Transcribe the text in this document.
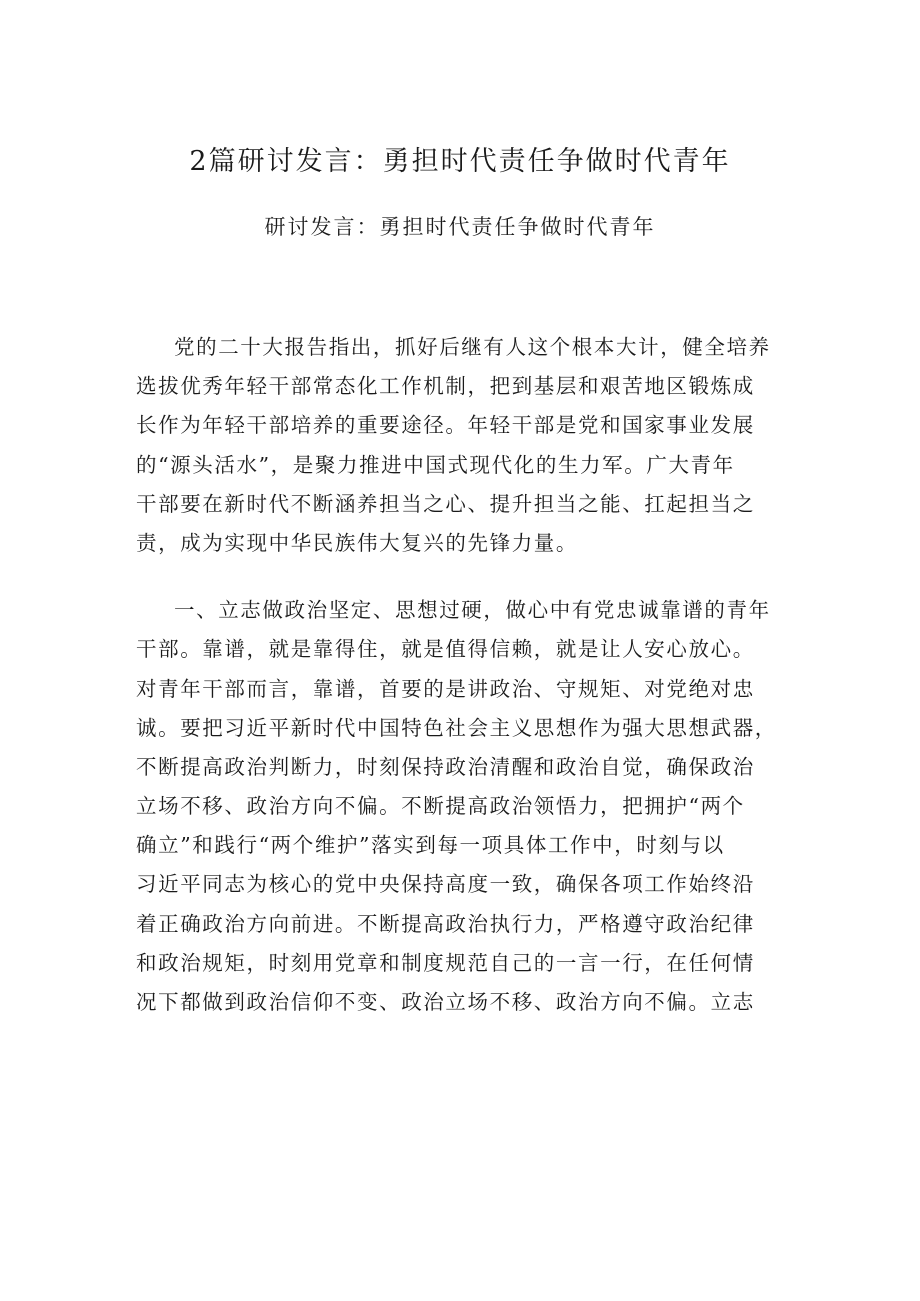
2篇研讨发言：勇担时代责任争做时代青年
研讨发言：勇担时代责任争做时代青年
党的二十大报告指出，抓好后继有人这个根本大计，健全培养
选拔优秀年轻干部常态化工作机制，把到基层和艰苦地区锻炼成
长作为年轻干部培养的重要途径。年轻干部是党和国家事业发展
的“源头活水”，是聚力推进中国式现代化的生力军。广大青年
干部要在新时代不断涵养担当之心、提升担当之能、扛起担当之
责，成为实现中华民族伟大复兴的先锋力量。
一、立志做政治坚定、思想过硬，做心中有党忠诚靠谱的青年
干部。靠谱，就是靠得住，就是值得信赖，就是让人安心放心。
对青年干部而言，靠谱，首要的是讲政治、守规矩、对党绝对忠
诚。要把习近平新时代中国特色社会主义思想作为强大思想武器，
不断提高政治判断力，时刻保持政治清醒和政治自觉，确保政治
立场不移、政治方向不偏。不断提高政治领悟力，把拥护“两个
确立”和践行“两个维护”落实到每一项具体工作中，时刻与以
习近平同志为核心的党中央保持高度一致，确保各项工作始终沿
着正确政治方向前进。不断提高政治执行力，严格遵守政治纪律
和政治规矩，时刻用党章和制度规范自己的一言一行，在任何情
况下都做到政治信仰不变、政治立场不移、政治方向不偏。立志
